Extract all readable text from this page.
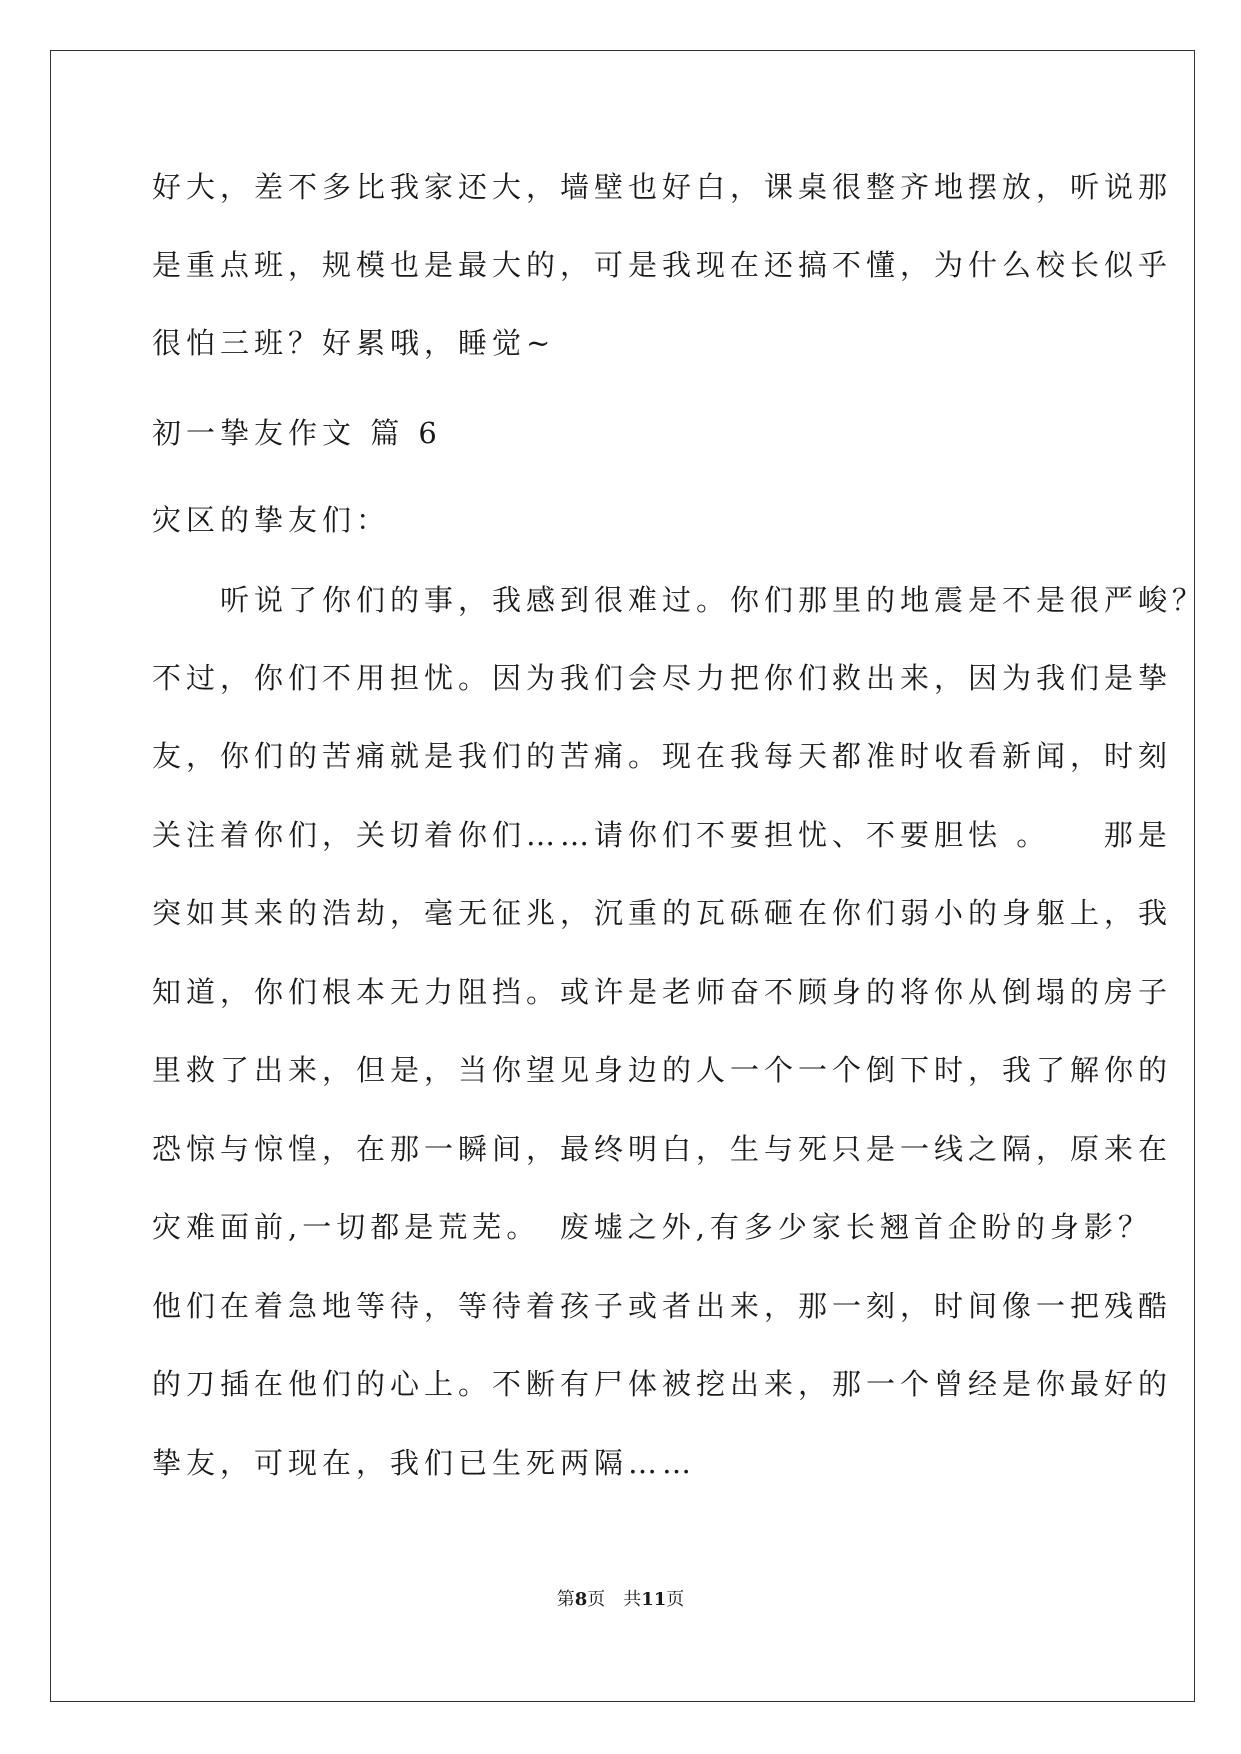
好大，差不多比我家还大，墙壁也好白，课桌很整齐地摆放，听说那

是重点班，规模也是最大的，可是我现在还搞不懂，为什么校长似乎

很怕三班？好累哦，睡觉~

初一挚友作文 篇 6

灾区的挚友们：

　　听说了你们的事，我感到很难过。你们那里的地震是不是很严峻？

不过，你们不用担忧。因为我们会尽力把你们救出来，因为我们是挚

友，你们的苦痛就是我们的苦痛。现在我每天都准时收看新闻，时刻

关注着你们，关切着你们……请你们不要担忧、不要胆怯 。　　那是

突如其来的浩劫，毫无征兆，沉重的瓦砾砸在你们弱小的身躯上，我

知道，你们根本无力阻挡。或许是老师奋不顾身的将你从倒塌的房子

里救了出来，但是，当你望见身边的人一个一个倒下时，我了解你的

恐惊与惊惶，在那一瞬间，最终明白，生与死只是一线之隔，原来在

灾难面前,一切都是荒芜。　废墟之外,有多少家长翘首企盼的身影？

他们在着急地等待，等待着孩子或者出来，那一刻，时间像一把残酷

的刀插在他们的心上。不断有尸体被挖出来，那一个曾经是你最好的

挚友，可现在，我们已生死两隔……

第8页　共11页
